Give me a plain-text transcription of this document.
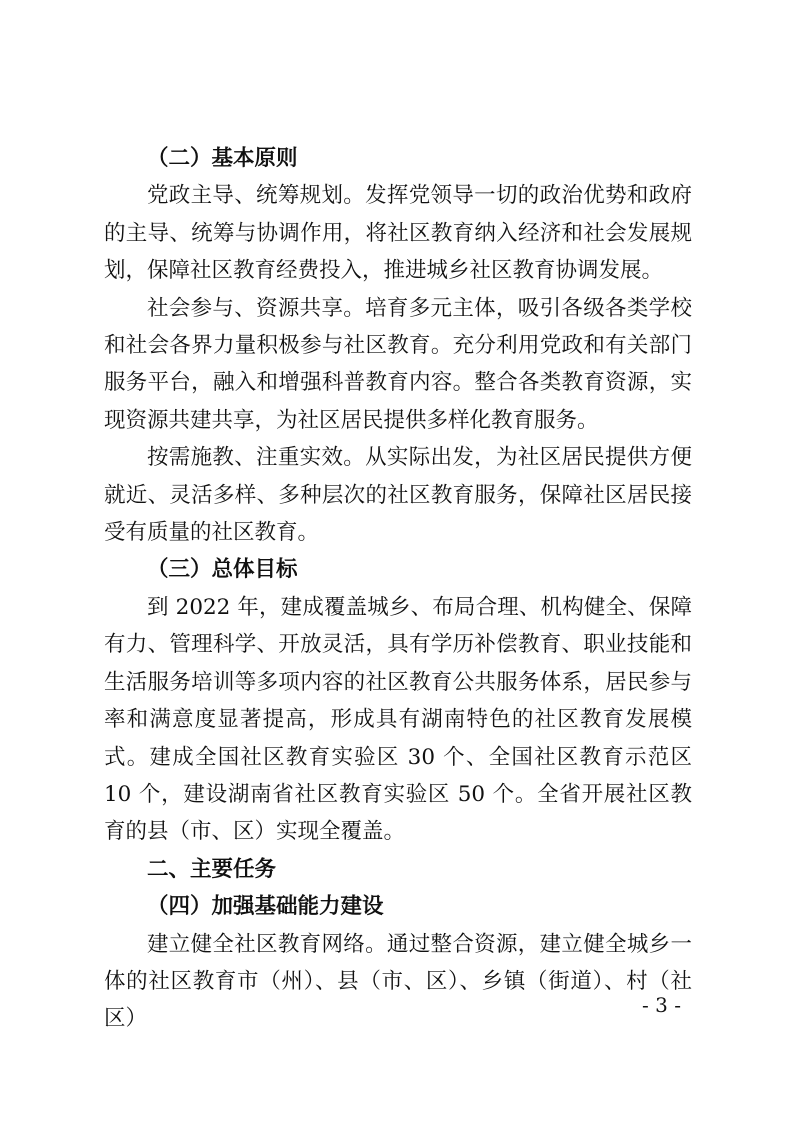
（二）基本原则

党政主导、统筹规划。发挥党领导一切的政治优势和政府的主导、统筹与协调作用，将社区教育纳入经济和社会发展规划，保障社区教育经费投入，推进城乡社区教育协调发展。

社会参与、资源共享。培育多元主体，吸引各级各类学校和社会各界力量积极参与社区教育。充分利用党政和有关部门服务平台，融入和增强科普教育内容。整合各类教育资源，实现资源共建共享，为社区居民提供多样化教育服务。

按需施教、注重实效。从实际出发，为社区居民提供方便就近、灵活多样、多种层次的社区教育服务，保障社区居民接受有质量的社区教育。

（三）总体目标

到 2022 年，建成覆盖城乡、布局合理、机构健全、保障有力、管理科学、开放灵活，具有学历补偿教育、职业技能和生活服务培训等多项内容的社区教育公共服务体系，居民参与率和满意度显著提高，形成具有湖南特色的社区教育发展模式。建成全国社区教育实验区 30 个、全国社区教育示范区 10 个，建设湖南省社区教育实验区 50 个。全省开展社区教育的县（市、区）实现全覆盖。

二、主要任务

（四）加强基础能力建设

建立健全社区教育网络。通过整合资源，建立健全城乡一体的社区教育市（州）、县（市、区）、乡镇（街道）、村（社区）

- 3 -
